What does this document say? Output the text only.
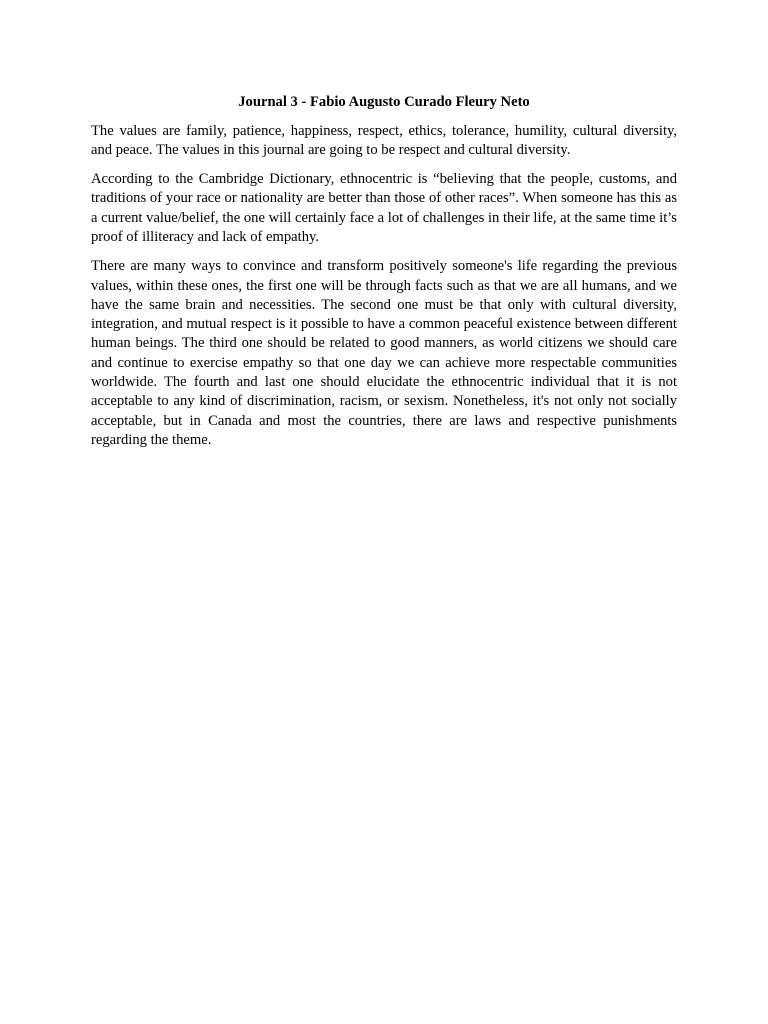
Journal 3 - Fabio Augusto Curado Fleury Neto

The values are family, patience, happiness, respect, ethics, tolerance, humility, cultural diversity, and peace. The values in this journal are going to be respect and cultural diversity.

According to the Cambridge Dictionary, ethnocentric is “believing that the people, customs, and traditions of your race or nationality are better than those of other races”. When someone has this as a current value/belief, the one will certainly face a lot of challenges in their life, at the same time it’s proof of illiteracy and lack of empathy.

There are many ways to convince and transform positively someone's life regarding the previous values, within these ones, the first one will be through facts such as that we are all humans, and we have the same brain and necessities. The second one must be that only with cultural diversity, integration, and mutual respect is it possible to have a common peaceful existence between different human beings. The third one should be related to good manners, as world citizens we should care and continue to exercise empathy so that one day we can achieve more respectable communities worldwide. The fourth and last one should elucidate the ethnocentric individual that it is not acceptable to any kind of discrimination, racism, or sexism. Nonetheless, it's not only not socially acceptable, but in Canada and most the countries, there are laws and respective punishments regarding the theme.
